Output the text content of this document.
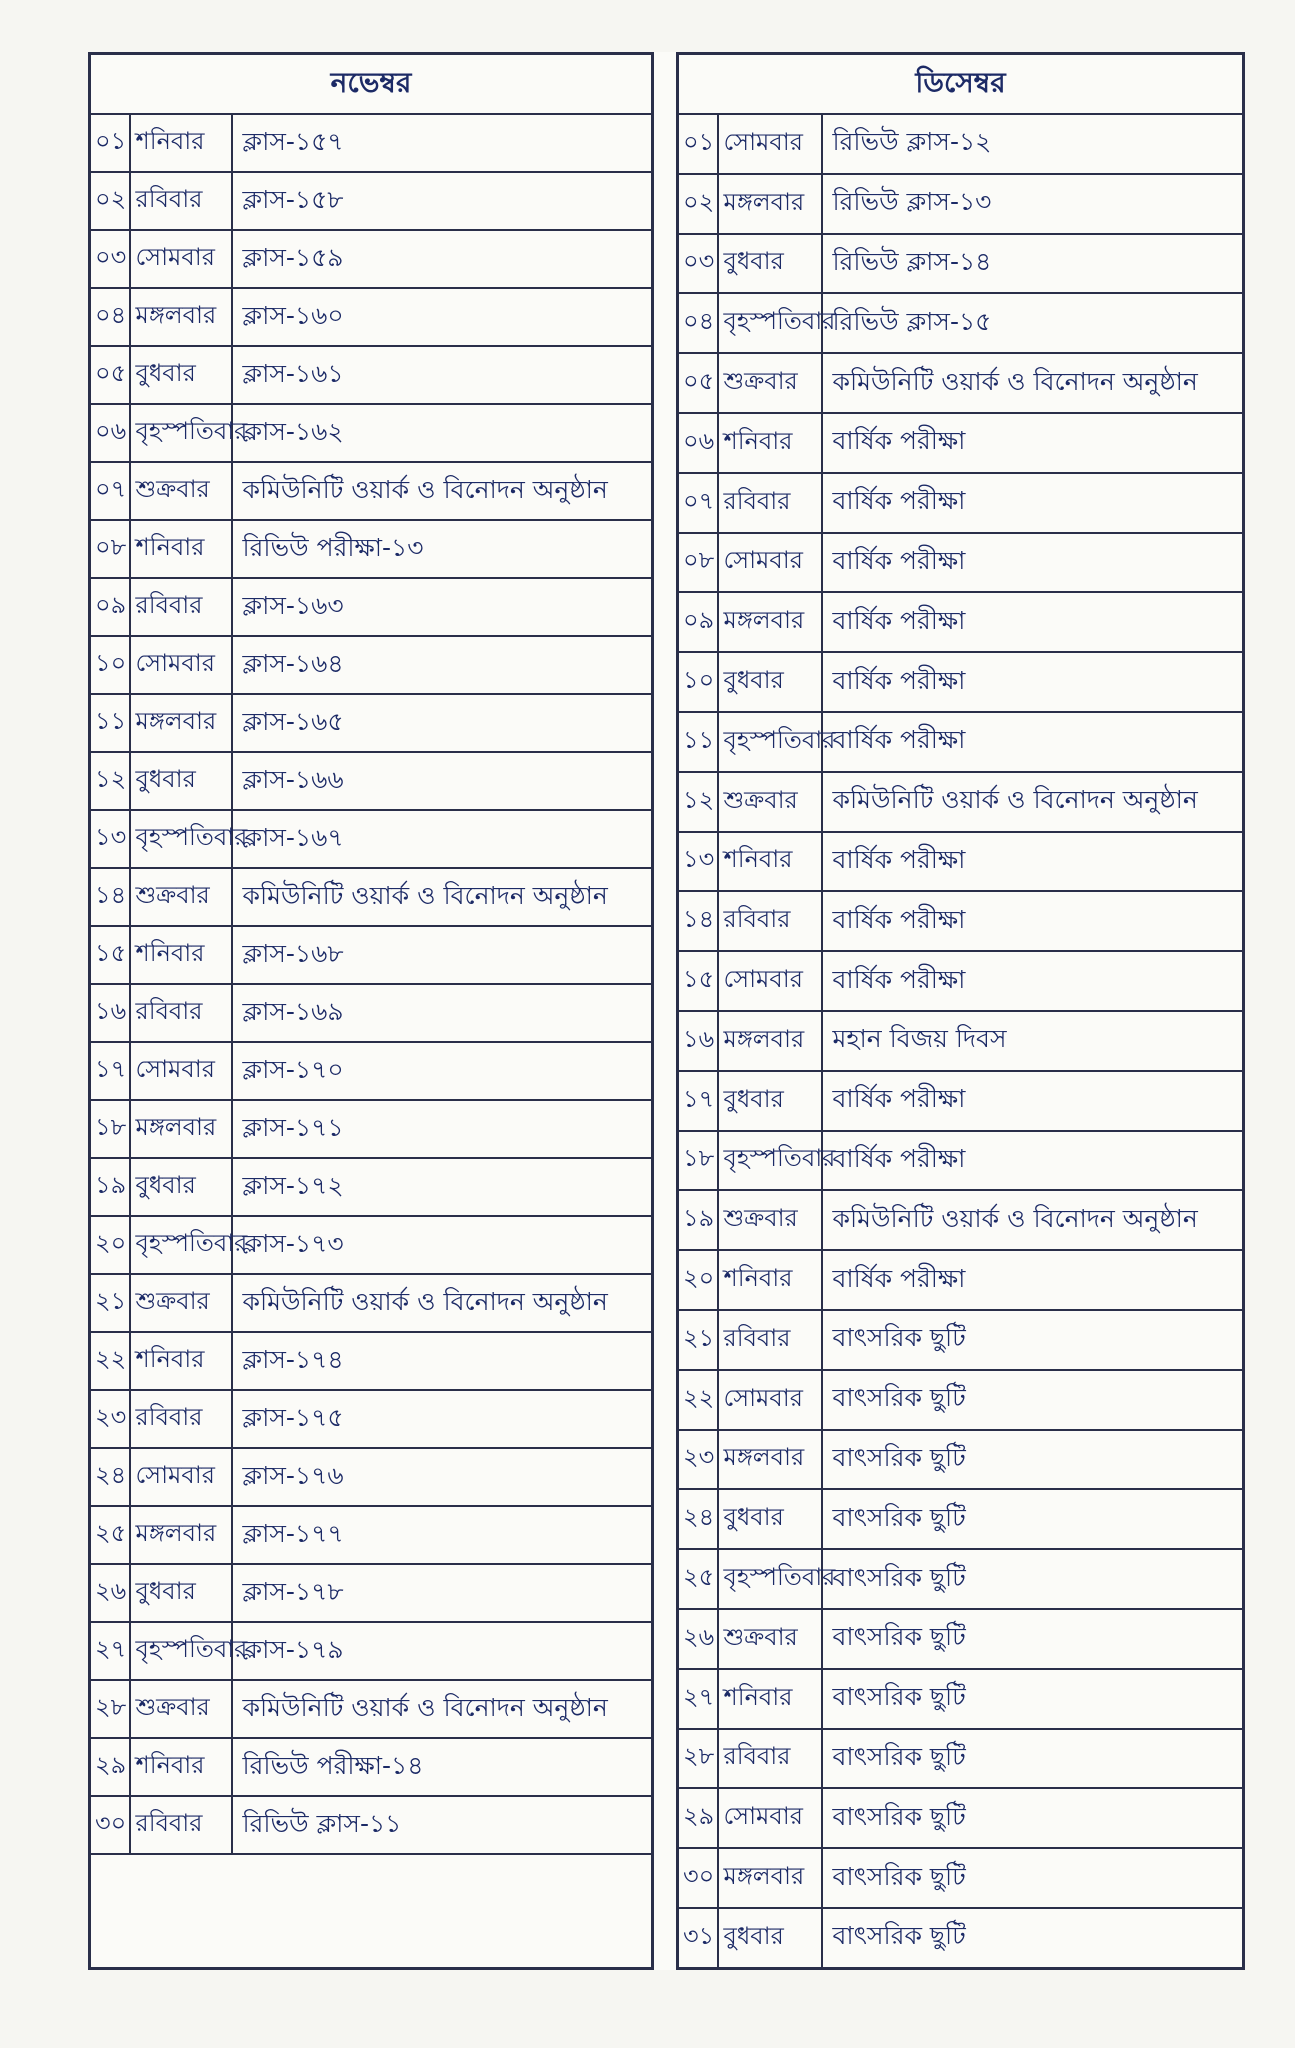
নভেম্বর		
০১	শনিবার	ক্লাস-১৫৭
০২	রবিবার	ক্লাস-১৫৮
০৩	সোমবার	ক্লাস-১৫৯
০৪	মঙ্গলবার	ক্লাস-১৬০
০৫	বুধবার	ক্লাস-১৬১
০৬	বৃহস্পতিবার	ক্লাস-১৬২
০৭	শুক্রবার	কমিউনিটি ওয়ার্ক ও বিনোদন অনুষ্ঠান
০৮	শনিবার	রিভিউ পরীক্ষা-১৩
০৯	রবিবার	ক্লাস-১৬৩
১০	সোমবার	ক্লাস-১৬৪
১১	মঙ্গলবার	ক্লাস-১৬৫
১২	বুধবার	ক্লাস-১৬৬
১৩	বৃহস্পতিবার	ক্লাস-১৬৭
১৪	শুক্রবার	কমিউনিটি ওয়ার্ক ও বিনোদন অনুষ্ঠান
১৫	শনিবার	ক্লাস-১৬৮
১৬	রবিবার	ক্লাস-১৬৯
১৭	সোমবার	ক্লাস-১৭০
১৮	মঙ্গলবার	ক্লাস-১৭১
১৯	বুধবার	ক্লাস-১৭২
২০	বৃহস্পতিবার	ক্লাস-১৭৩
২১	শুক্রবার	কমিউনিটি ওয়ার্ক ও বিনোদন অনুষ্ঠান
২২	শনিবার	ক্লাস-১৭৪
২৩	রবিবার	ক্লাস-১৭৫
২৪	সোমবার	ক্লাস-১৭৬
২৫	মঙ্গলবার	ক্লাস-১৭৭
২৬	বুধবার	ক্লাস-১৭৮
২৭	বৃহস্পতিবার	ক্লাস-১৭৯
২৮	শুক্রবার	কমিউনিটি ওয়ার্ক ও বিনোদন অনুষ্ঠান
২৯	শনিবার	রিভিউ পরীক্ষা-১৪
৩০	রবিবার	রিভিউ ক্লাস-১১

ডিসেম্বর		
০১	সোমবার	রিভিউ ক্লাস-১২
০২	মঙ্গলবার	রিভিউ ক্লাস-১৩
০৩	বুধবার	রিভিউ ক্লাস-১৪
০৪	বৃহস্পতিবার	রিভিউ ক্লাস-১৫
০৫	শুক্রবার	কমিউনিটি ওয়ার্ক ও বিনোদন অনুষ্ঠান
০৬	শনিবার	বার্ষিক পরীক্ষা
০৭	রবিবার	বার্ষিক পরীক্ষা
০৮	সোমবার	বার্ষিক পরীক্ষা
০৯	মঙ্গলবার	বার্ষিক পরীক্ষা
১০	বুধবার	বার্ষিক পরীক্ষা
১১	বৃহস্পতিবার	বার্ষিক পরীক্ষা
১২	শুক্রবার	কমিউনিটি ওয়ার্ক ও বিনোদন অনুষ্ঠান
১৩	শনিবার	বার্ষিক পরীক্ষা
১৪	রবিবার	বার্ষিক পরীক্ষা
১৫	সোমবার	বার্ষিক পরীক্ষা
১৬	মঙ্গলবার	মহান বিজয় দিবস
১৭	বুধবার	বার্ষিক পরীক্ষা
১৮	বৃহস্পতিবার	বার্ষিক পরীক্ষা
১৯	শুক্রবার	কমিউনিটি ওয়ার্ক ও বিনোদন অনুষ্ঠান
২০	শনিবার	বার্ষিক পরীক্ষা
২১	রবিবার	বাৎসরিক ছুটি
২২	সোমবার	বাৎসরিক ছুটি
২৩	মঙ্গলবার	বাৎসরিক ছুটি
২৪	বুধবার	বাৎসরিক ছুটি
২৫	বৃহস্পতিবার	বাৎসরিক ছুটি
২৬	শুক্রবার	বাৎসরিক ছুটি
২৭	শনিবার	বাৎসরিক ছুটি
২৮	রবিবার	বাৎসরিক ছুটি
২৯	সোমবার	বাৎসরিক ছুটি
৩০	মঙ্গলবার	বাৎসরিক ছুটি
৩১	বুধবার	বাৎসরিক ছুটি
